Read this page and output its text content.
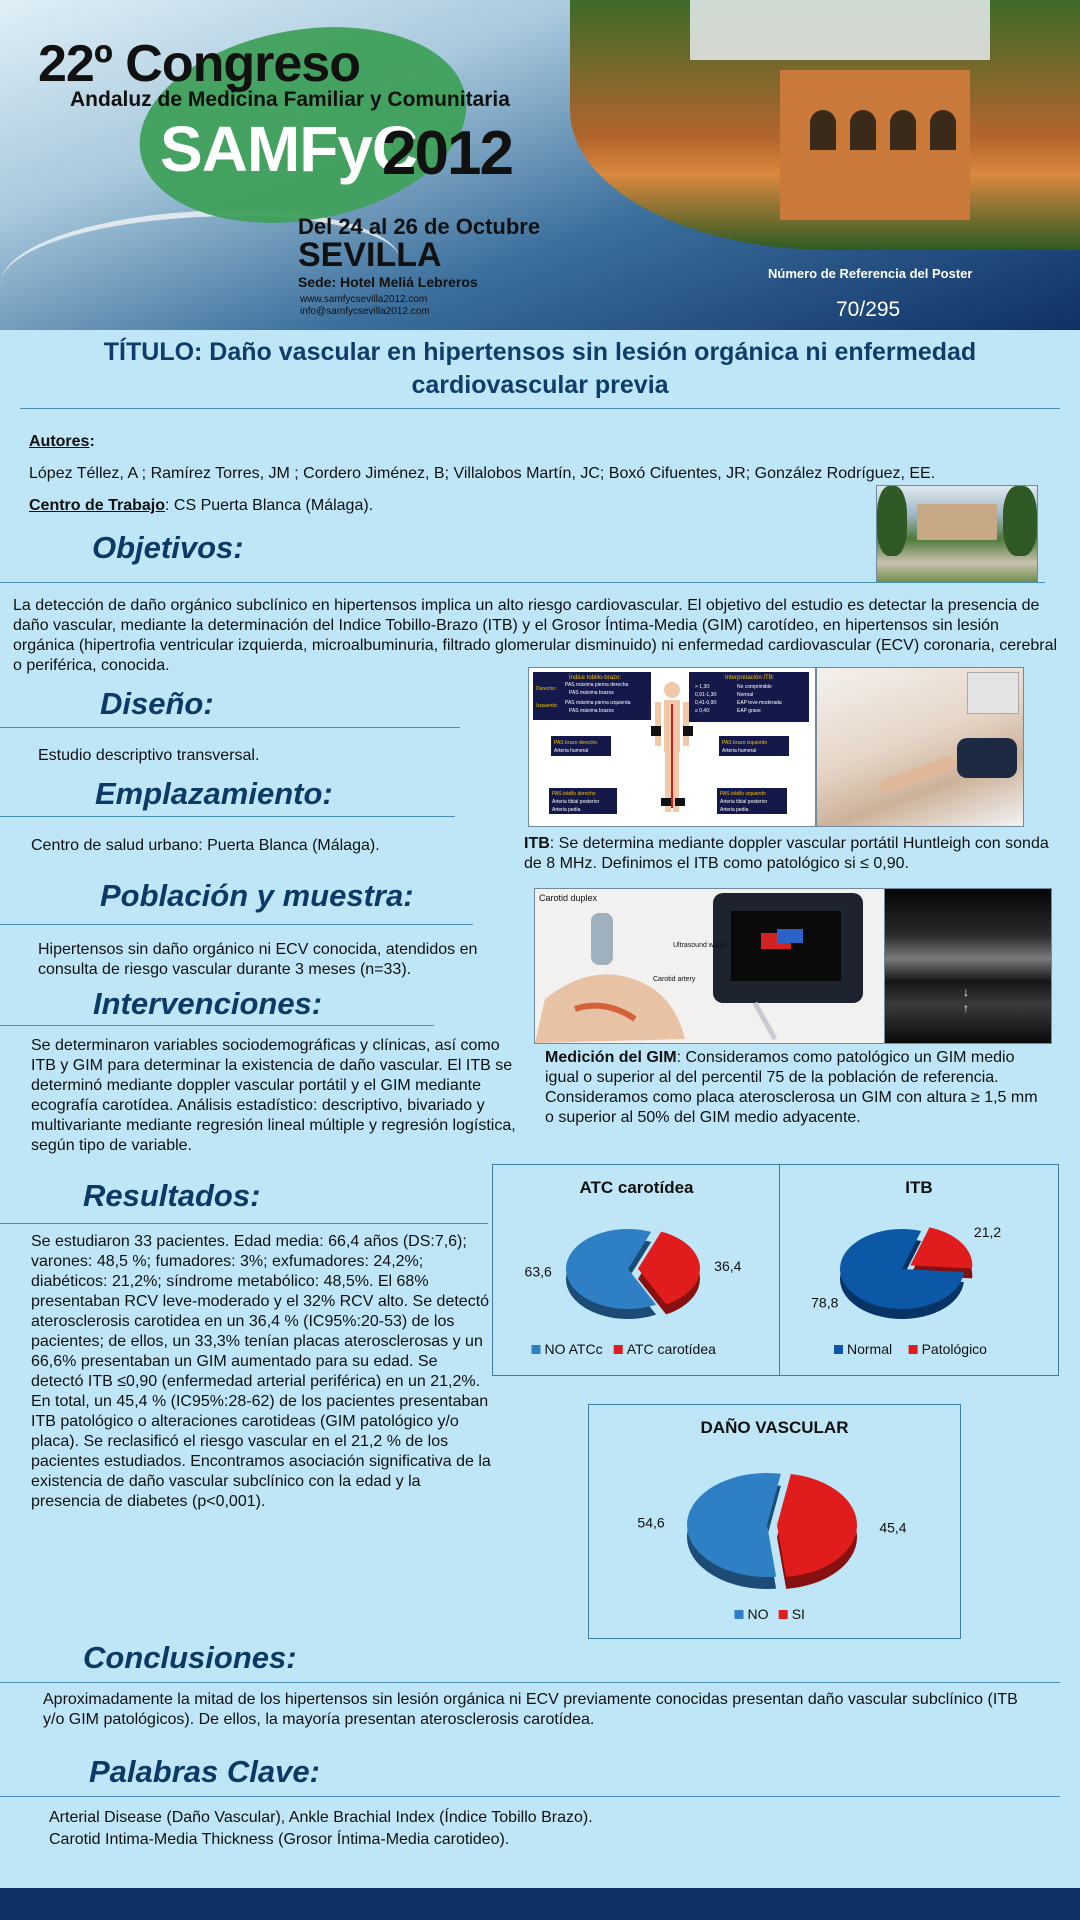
22º Congreso
Andaluz de Medicina Familiar y Comunitaria
SAMFyC
2012
Del 24 al 26 de Octubre
SEVILLA
Sede: Hotel Meliá Lebreros
www.samfycsevilla2012.com
info@samfycsevilla2012.com
Número de Referencia del Poster
70/295
TÍTULO: Daño vascular en hipertensos sin lesión orgánica ni enfermedad cardiovascular previa
Autores:
López Téllez, A ; Ramírez Torres, JM ; Cordero Jiménez, B; Villalobos Martín, JC; Boxó Cifuentes, JR; González Rodríguez, EE.
Centro de Trabajo: CS Puerta Blanca (Málaga).
Objetivos:
La detección de daño orgánico subclínico en hipertensos implica un alto riesgo cardiovascular. El objetivo del estudio es detectar la presencia de daño vascular, mediante la determinación del Indice Tobillo-Brazo (ITB) y el Grosor Íntima-Media (GIM) carotídeo, en hipertensos sin lesión orgánica (hipertrofia ventricular izquierda, microalbuminuria, filtrado glomerular disminuido) ni enfermedad cardiovascular (ECV) coronaria, cerebral o periférica, conocida.
Diseño:
Estudio descriptivo transversal.
Emplazamiento:
Centro de salud urbano: Puerta Blanca (Málaga).
Población y muestra:
Hipertensos sin daño orgánico ni ECV conocida, atendidos en consulta de riesgo vascular durante 3 meses (n=33).
Intervenciones:
Se determinaron variables sociodemográficas y clínicas, así como ITB y GIM para determinar la existencia de daño vascular. El ITB se determinó mediante doppler vascular portátil y el GIM mediante ecografía carotídea. Análisis estadístico: descriptivo, bivariado y multivariante mediante regresión lineal múltiple y regresión logística, según tipo de variable.
Resultados:
Se estudiaron 33 pacientes. Edad media: 66,4 años (DS:7,6); varones: 48,5 %; fumadores: 3%; exfumadores: 24,2%; diabéticos: 21,2%; síndrome metabólico: 48,5%. El 68% presentaban RCV leve-moderado y el 32% RCV alto. Se detectó aterosclerosis carotidea en un 36,4 % (IC95%:20-53) de los pacientes; de ellos, un 33,3% tenían placas aterosclerosas y un 66,6% presentaban un GIM aumentado para su edad. Se detectó ITB ≤0,90 (enfermedad arterial periférica) en un 21,2%. En total, un 45,4 % (IC95%:28-62) de los pacientes presentaban ITB patológico o alteraciones carotideas (GIM patológico y/o placa). Se reclasificó el riesgo vascular en el 21,2 % de los pacientes estudiados. Encontramos asociación significativa de la existencia de daño vascular subclínico con la edad y la presencia de diabetes (p<0,001).
Conclusiones:
Aproximadamente la mitad de los hipertensos sin lesión orgánica ni ECV previamente conocidas presentan daño vascular subclínico (ITB y/o GIM patológicos). De ellos, la mayoría presentan aterosclerosis carotídea.
Palabras Clave:
Arterial Disease (Daño Vascular), Ankle Brachial Index (Índice Tobillo Brazo).
Carotid Intima-Media Thickness (Grosor Íntima-Media carotideo).
Índice tobillo-brazo:
Derecho:
Izquierdo:
PAS máxima pierna derecha
PAS máxima brazos
PAS máxima pierna izquierda
PAS máxima brazos
Interpretación ITB:
> 1,30:	No comprimible
0,91-1,30:	Normal
0,41-0,90:	EAP leve-moderada
≤ 0,40:	EAP grave
PAS brazo derecho
Arteria humeral
PAS brazo izquierdo
Arteria humeral
PAS tobillo derecho
Arteria tibial posterior
Arteria pedia
PAS tobillo izquierdo
Arteria tibial posterior
Arteria pedia
ITB: Se determina mediante doppler vascular portátil Huntleigh con sonda de 8 MHz. Definimos el ITB como patológico si ≤ 0,90.
Carotid duplex
Ultrasound wand
Carotid artery
↓
↑
Medición del GIM: Consideramos como patológico un GIM medio igual o superior al del percentil 75 de la población de referencia. Consideramos como placa aterosclerosa un GIM con altura ≥ 1,5 mm o superior al 50% del GIM medio adyacente.
ATC carotídea
36,4
63,6
NO ATCc ATC carotídea
ITB
21,2
78,8
Normal Patológico
DAÑO VASCULAR
45,4
54,6
NO SI
